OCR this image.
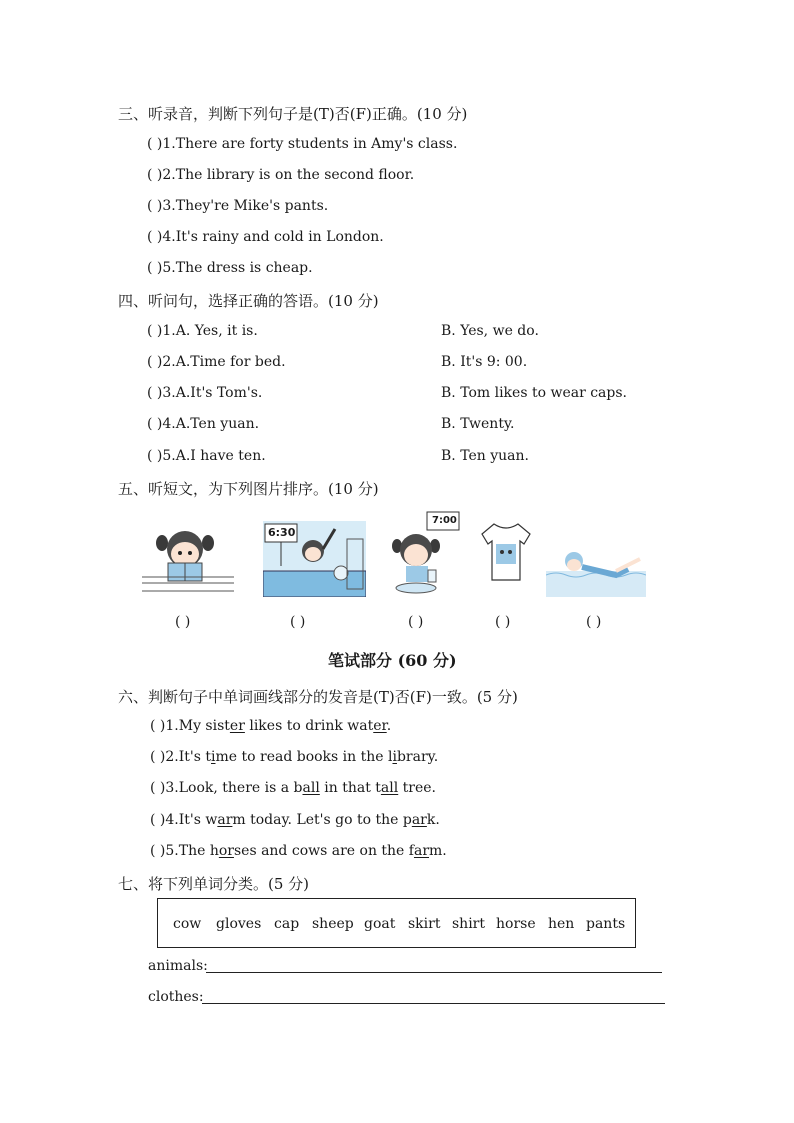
三、听录音，判断下列句子是(T)否(F)正确。(10 分)
( )1.There are forty students in Amy's class.
( )2.The library is on the second floor.
( )3.They're Mike's pants.
( )4.It's rainy and cold in London.
( )5.The dress is cheap.
四、听问句，选择正确的答语。(10 分)
( )1.A. Yes, it is.	B. Yes, we do.
( )2.A.Time for bed.	B. It's 9: 00.
( )3.A.It's Tom's.	B. Tom likes to wear caps.
( )4.A.Ten yuan.	B. Twenty.
( )5.A.I have ten.	B. Ten yuan.
五、听短文，为下列图片排序。(10 分)
6:30
7:00
( )	( )	( )	( )	( )
笔试部分 (60 分)
六、判断句子中单词画线部分的发音是(T)否(F)一致。(5 分)
( )1.My sister likes to drink water.
( )2.It's time to read books in the library.
( )3.Look, there is a ball in that tall tree.
( )4.It's warm today. Let's go to the park.
( )5.The horses and cows are on the farm.
七、将下列单词分类。(5 分)
cow gloves cap sheep goat skirt shirt horse hen pants
animals:
clothes:
